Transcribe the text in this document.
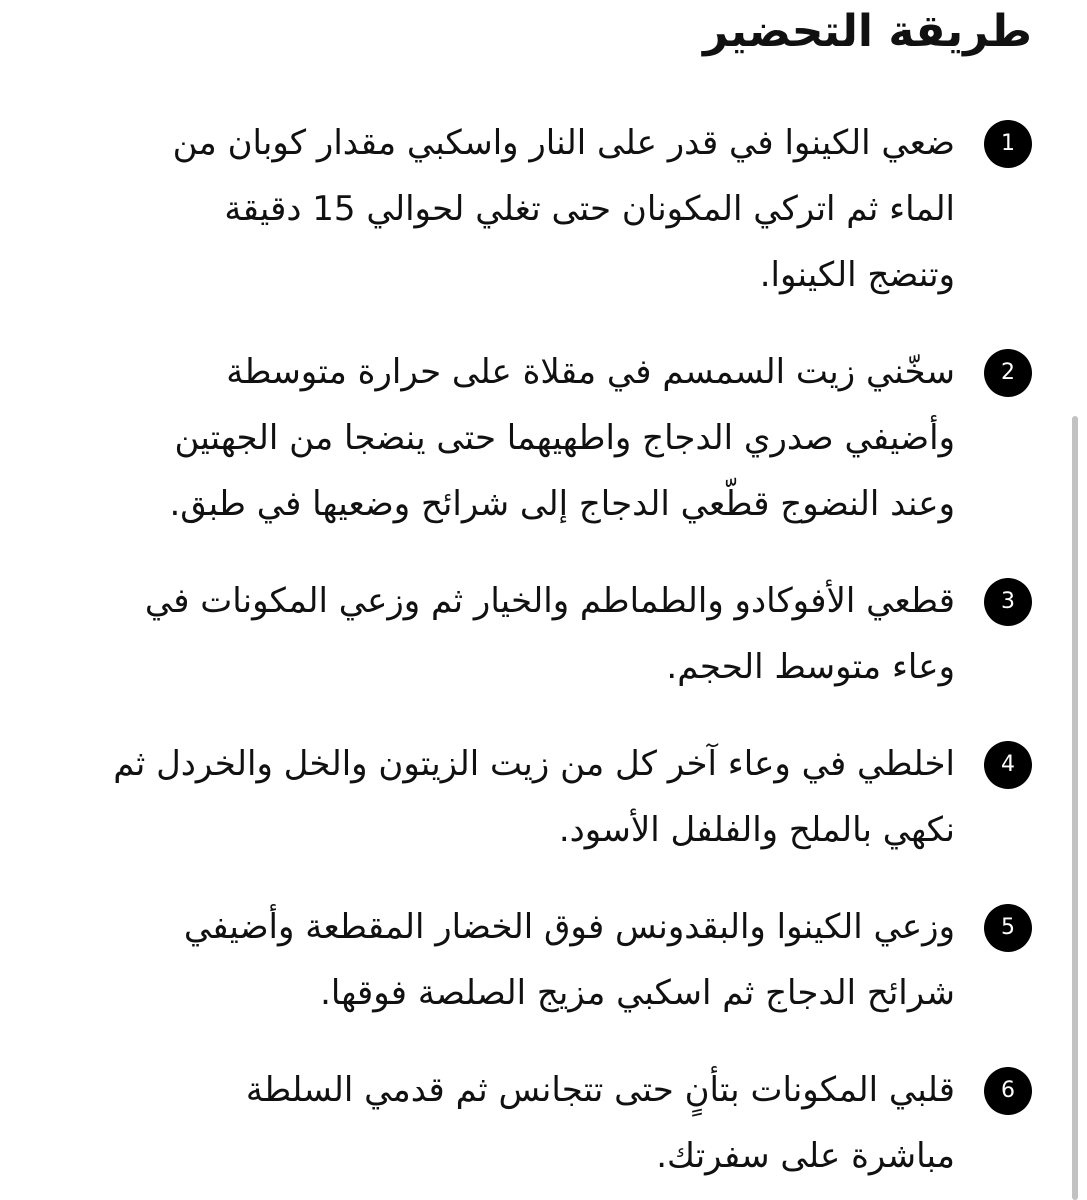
طريقة التحضير
1
ضعي الكينوا في قدر على النار واسكبي مقدار كوبان من
الماء ثم اتركي المكونان حتى تغلي لحوالي 15 دقيقة
وتنضج الكينوا.
2
سخّني زيت السمسم في مقلاة على حرارة متوسطة
وأضيفي صدري الدجاج واطهيهما حتى ينضجا من الجهتين
وعند النضوج قطّعي الدجاج إلى شرائح وضعيها في طبق.
3
قطعي الأفوكادو والطماطم والخيار ثم وزعي المكونات في
وعاء متوسط الحجم.
4
اخلطي في وعاء آخر كل من زيت الزيتون والخل والخردل ثم
نكهي بالملح والفلفل الأسود.
5
وزعي الكينوا والبقدونس فوق الخضار المقطعة وأضيفي
شرائح الدجاج ثم اسكبي مزيج الصلصة فوقها.
6
قلبي المكونات بتأنٍ حتى تتجانس ثم قدمي السلطة
مباشرة على سفرتك.
